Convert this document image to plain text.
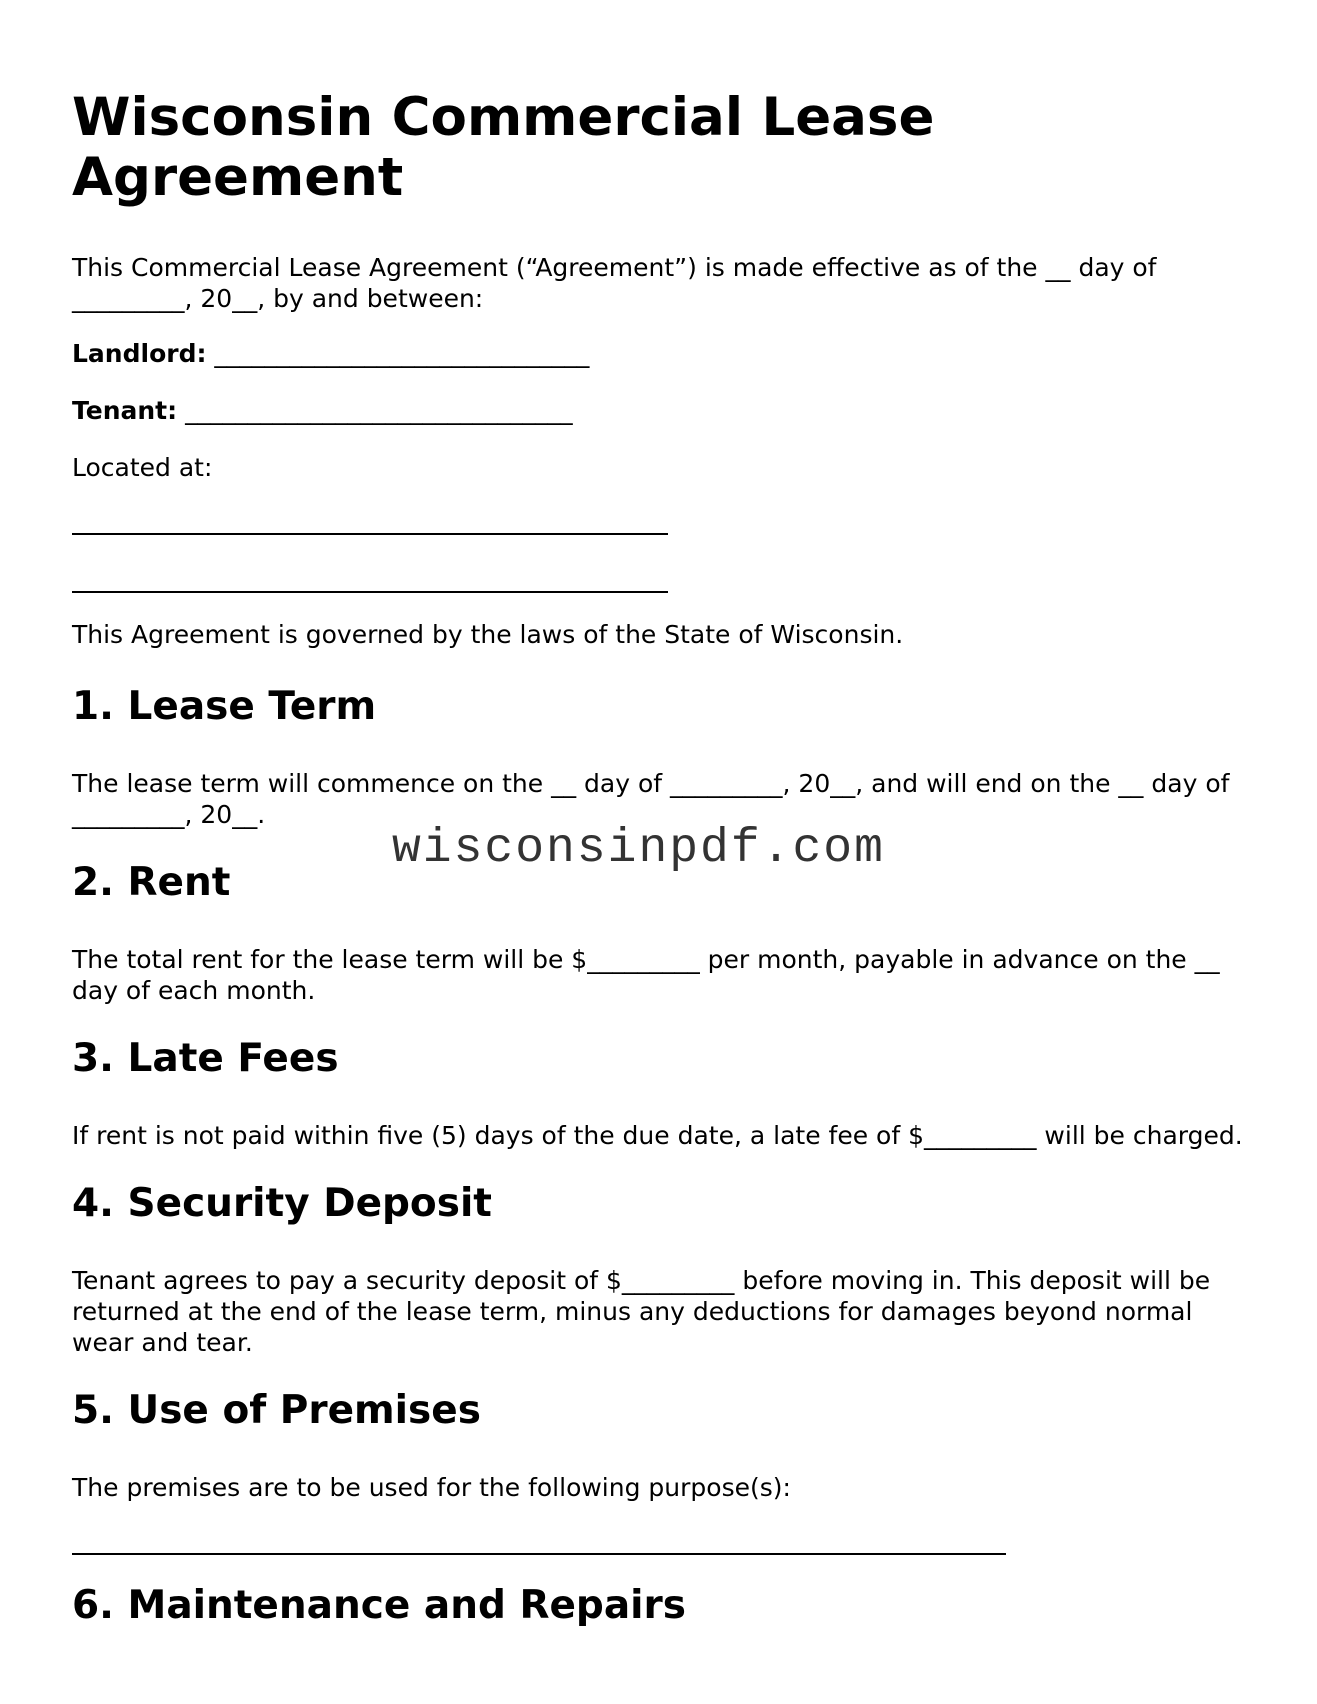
Wisconsin Commercial Lease Agreement

This Commercial Lease Agreement (“Agreement”) is made effective as of the __ day of _________, 20__, by and between:

Landlord: ______________________________

Tenant: _______________________________

Located at:

This Agreement is governed by the laws of the State of Wisconsin.

1. Lease Term

The lease term will commence on the __ day of _________, 20__, and will end on the __ day of _________, 20__.

2. Rent

The total rent for the lease term will be $_________ per month, payable in advance on the __ day of each month.

3. Late Fees

If rent is not paid within five (5) days of the due date, a late fee of $_________ will be charged.

4. Security Deposit

Tenant agrees to pay a security deposit of $_________ before moving in. This deposit will be returned at the end of the lease term, minus any deductions for damages beyond normal wear and tear.

5. Use of Premises

The premises are to be used for the following purpose(s):

6. Maintenance and Repairs
wisconsinpdf.com
